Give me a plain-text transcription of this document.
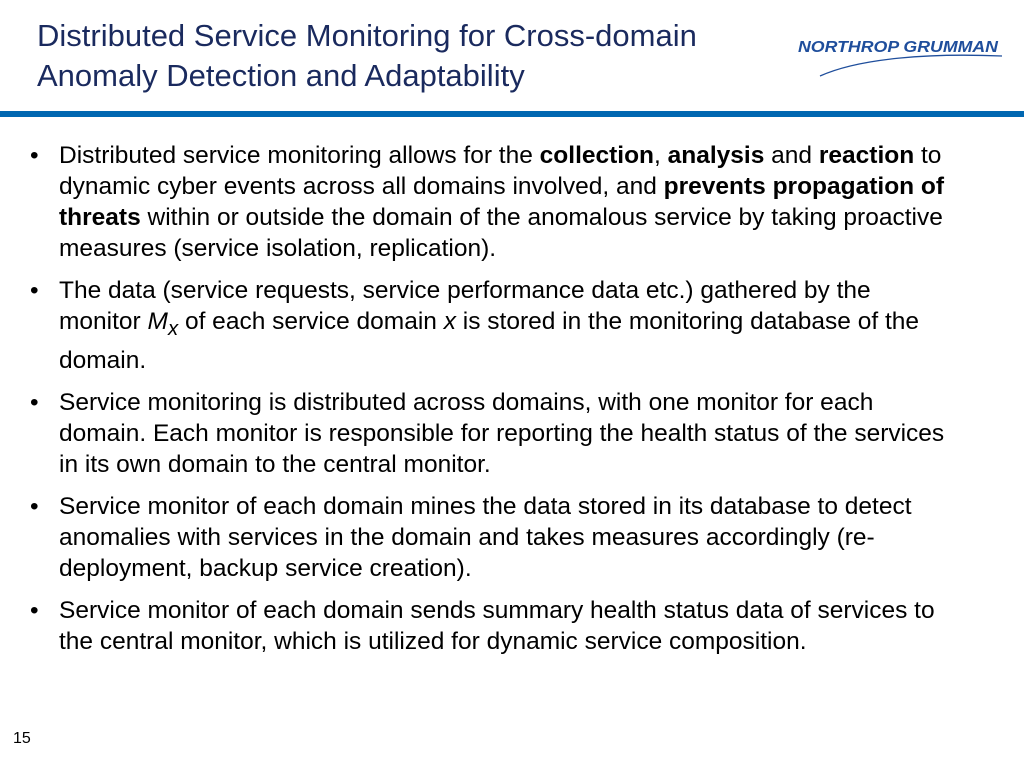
Distributed Service Monitoring for Cross-domain
Anomaly Detection and Adaptability
NORTHROP GRUMMAN
• Distributed service monitoring allows for the collection, analysis and reaction to dynamic cyber events across all domains involved, and prevents propagation of threats within or outside the domain of the anomalous service by taking proactive measures (service isolation, replication).
• The data (service requests, service performance data etc.) gathered by the monitor $M_x$ of each service domain x is stored in the monitoring database of the domain.
• Service monitoring is distributed across domains, with one monitor for each domain. Each monitor is responsible for reporting the health status of the services in its own domain to the central monitor.
• Service monitor of each domain mines the data stored in its database to detect anomalies with services in the domain and takes measures accordingly (re-deployment, backup service creation).
• Service monitor of each domain sends summary health status data of services to the central monitor, which is utilized for dynamic service composition.
15
